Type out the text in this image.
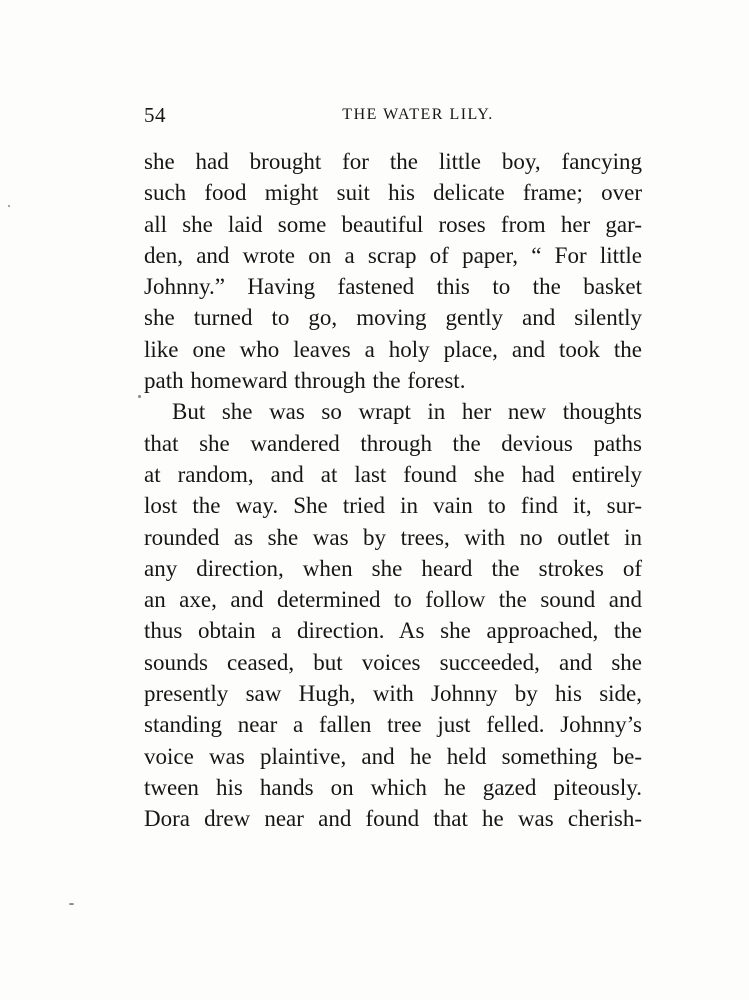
54	THE WATER LILY.
she had brought for the little boy, fancying
such food might suit his delicate frame; over
all she laid some beautiful roses from her gar-
den, and wrote on a scrap of paper, “ For little
Johnny.” Having fastened this to the basket
she turned to go, moving gently and silently
like one who leaves a holy place, and took the
path homeward through the forest.
But she was so wrapt in her new thoughts
that she wandered through the devious paths
at random, and at last found she had entirely
lost the way. She tried in vain to find it, sur-
rounded as she was by trees, with no outlet in
any direction, when she heard the strokes of
an axe, and determined to follow the sound and
thus obtain a direction. As she approached, the
sounds ceased, but voices succeeded, and she
presently saw Hugh, with Johnny by his side,
standing near a fallen tree just felled. Johnny’s
voice was plaintive, and he held something be-
tween his hands on which he gazed piteously.
Dora drew near and found that he was cherish-
